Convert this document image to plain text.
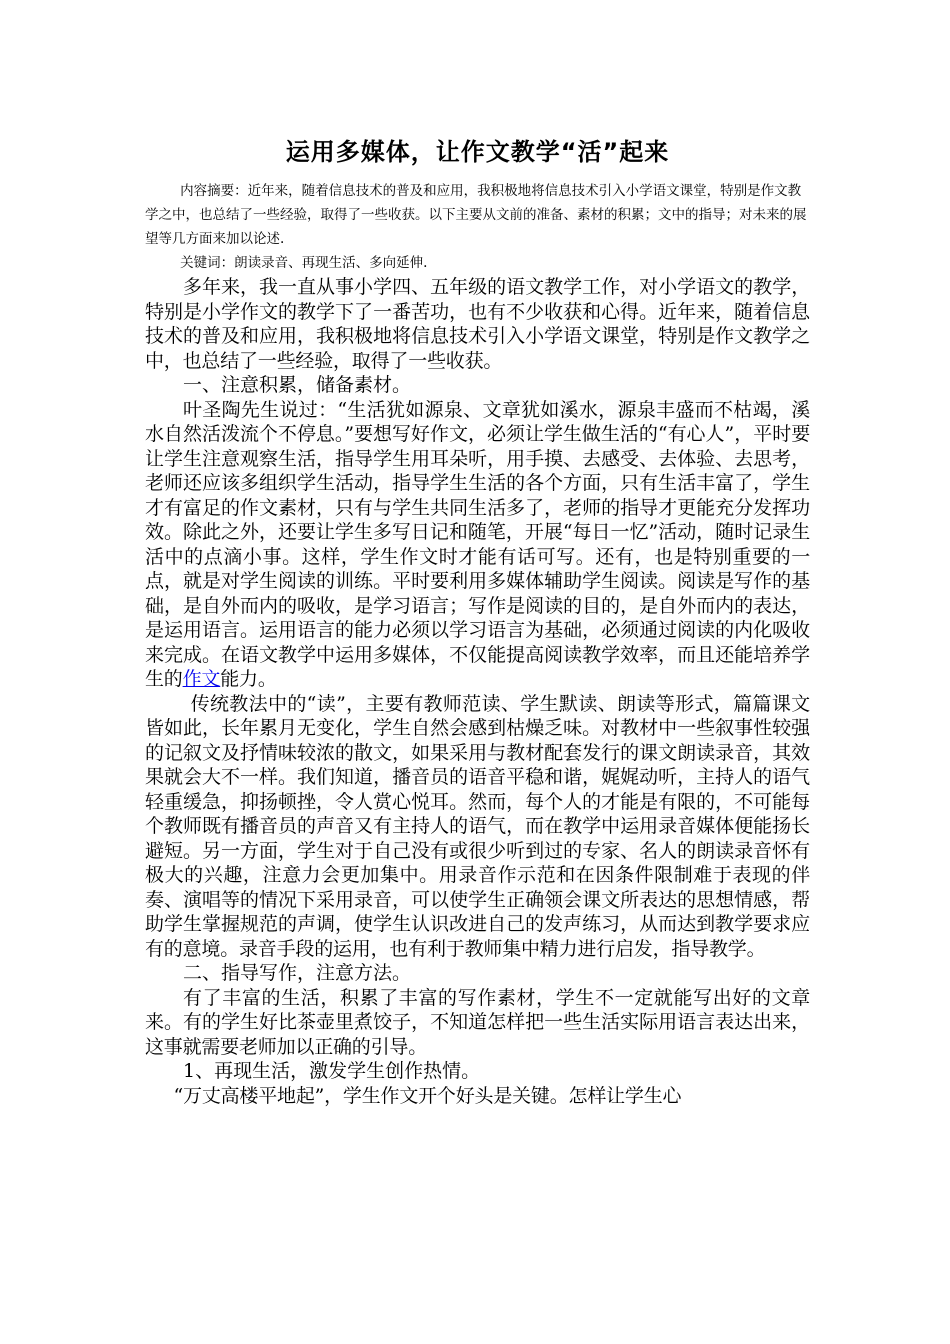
运用多媒体，让作文教学“活”起来

内容摘要：近年来，随着信息技术的普及和应用，我积极地将信息技术引入小学语文课堂，特别是作文教学之中，也总结了一些经验，取得了一些收获。以下主要从文前的准备、素材的积累；文中的指导；对未来的展望等几方面来加以论述.

关键词：朗读录音、再现生活、多向延伸.

多年来，我一直从事小学四、五年级的语文教学工作，对小学语文的教学，特别是小学作文的教学下了一番苦功，也有不少收获和心得。近年来，随着信息技术的普及和应用，我积极地将信息技术引入小学语文课堂，特别是作文教学之中，也总结了一些经验，取得了一些收获。

一、注意积累，储备素材。

叶圣陶先生说过：“生活犹如源泉、文章犹如溪水，源泉丰盛而不枯竭，溪水自然活泼流个不停息。”要想写好作文，必须让学生做生活的“有心人”，平时要让学生注意观察生活，指导学生用耳朵听，用手摸、去感受、去体验、去思考，老师还应该多组织学生活动，指导学生生活的各个方面，只有生活丰富了，学生才有富足的作文素材，只有与学生共同生活多了，老师的指导才更能充分发挥功效。除此之外，还要让学生多写日记和随笔，开展“每日一忆”活动，随时记录生活中的点滴小事。这样，学生作文时才能有话可写。还有，也是特别重要的一点，就是对学生阅读的训练。平时要利用多媒体辅助学生阅读。阅读是写作的基础，是自外而内的吸收，是学习语言；写作是阅读的目的，是自外而内的表达，是运用语言。运用语言的能力必须以学习语言为基础，必须通过阅读的内化吸收来完成。在语文教学中运用多媒体，不仅能提高阅读教学效率，而且还能培养学生的作文能力。

传统教法中的“读”，主要有教师范读、学生默读、朗读等形式，篇篇课文皆如此，长年累月无变化，学生自然会感到枯燥乏味。对教材中一些叙事性较强的记叙文及抒情味较浓的散文，如果采用与教材配套发行的课文朗读录音，其效果就会大不一样。我们知道，播音员的语音平稳和谐，娓娓动听，主持人的语气轻重缓急，抑扬顿挫，令人赏心悦耳。然而，每个人的才能是有限的，不可能每个教师既有播音员的声音又有主持人的语气，而在教学中运用录音媒体便能扬长避短。另一方面，学生对于自己没有或很少听到过的专家、名人的朗读录音怀有极大的兴趣，注意力会更加集中。用录音作示范和在因条件限制难于表现的伴奏、演唱等的情况下采用录音，可以使学生正确领会课文所表达的思想情感，帮助学生掌握规范的声调，使学生认识改进自己的发声练习，从而达到教学要求应有的意境。录音手段的运用，也有利于教师集中精力进行启发，指导教学。

二、指导写作，注意方法。

有了丰富的生活，积累了丰富的写作素材，学生不一定就能写出好的文章来。有的学生好比茶壶里煮饺子，不知道怎样把一些生活实际用语言表达出来，这事就需要老师加以正确的引导。

1、再现生活，激发学生创作热情。

“万丈高楼平地起”，学生作文开个好头是关键。怎样让学生心
